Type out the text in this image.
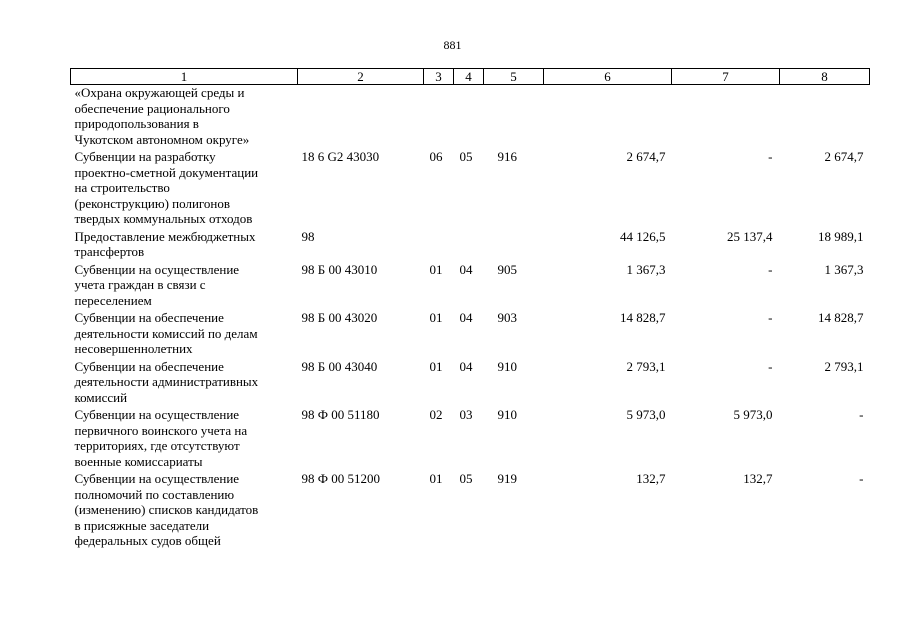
881
1	2	3	4	5	6	7	8

«Охрана окружающей среды и
обеспечение рационального
природопользования в
Чукотском автономном округе»							

Субвенции на разработку
проектно-сметной документации
на строительство
(реконструкцию) полигонов
твердых коммунальных отходов	18 6 G2 43030	06	05	916	2 674,7	-	2 674,7

Предоставление межбюджетных
трансфертов	98				44 126,5	25 137,4	18 989,1

Субвенции на осуществление
учета граждан в связи с
переселением	98 Б 00 43010	01	04	905	1 367,3	-	1 367,3

Субвенции на обеспечение
деятельности комиссий по делам
несовершеннолетних	98 Б 00 43020	01	04	903	14 828,7	-	14 828,7

Субвенции на обеспечение
деятельности административных
комиссий	98 Б 00 43040	01	04	910	2 793,1	-	2 793,1

Субвенции на осуществление
первичного воинского учета на
территориях, где отсутствуют
военные комиссариаты	98 Ф 00 51180	02	03	910	5 973,0	5 973,0	-

Субвенции на осуществление
полномочий по составлению
(изменению) списков кандидатов
в присяжные заседатели
федеральных судов общей	98 Ф 00 51200	01	05	919	132,7	132,7	-
